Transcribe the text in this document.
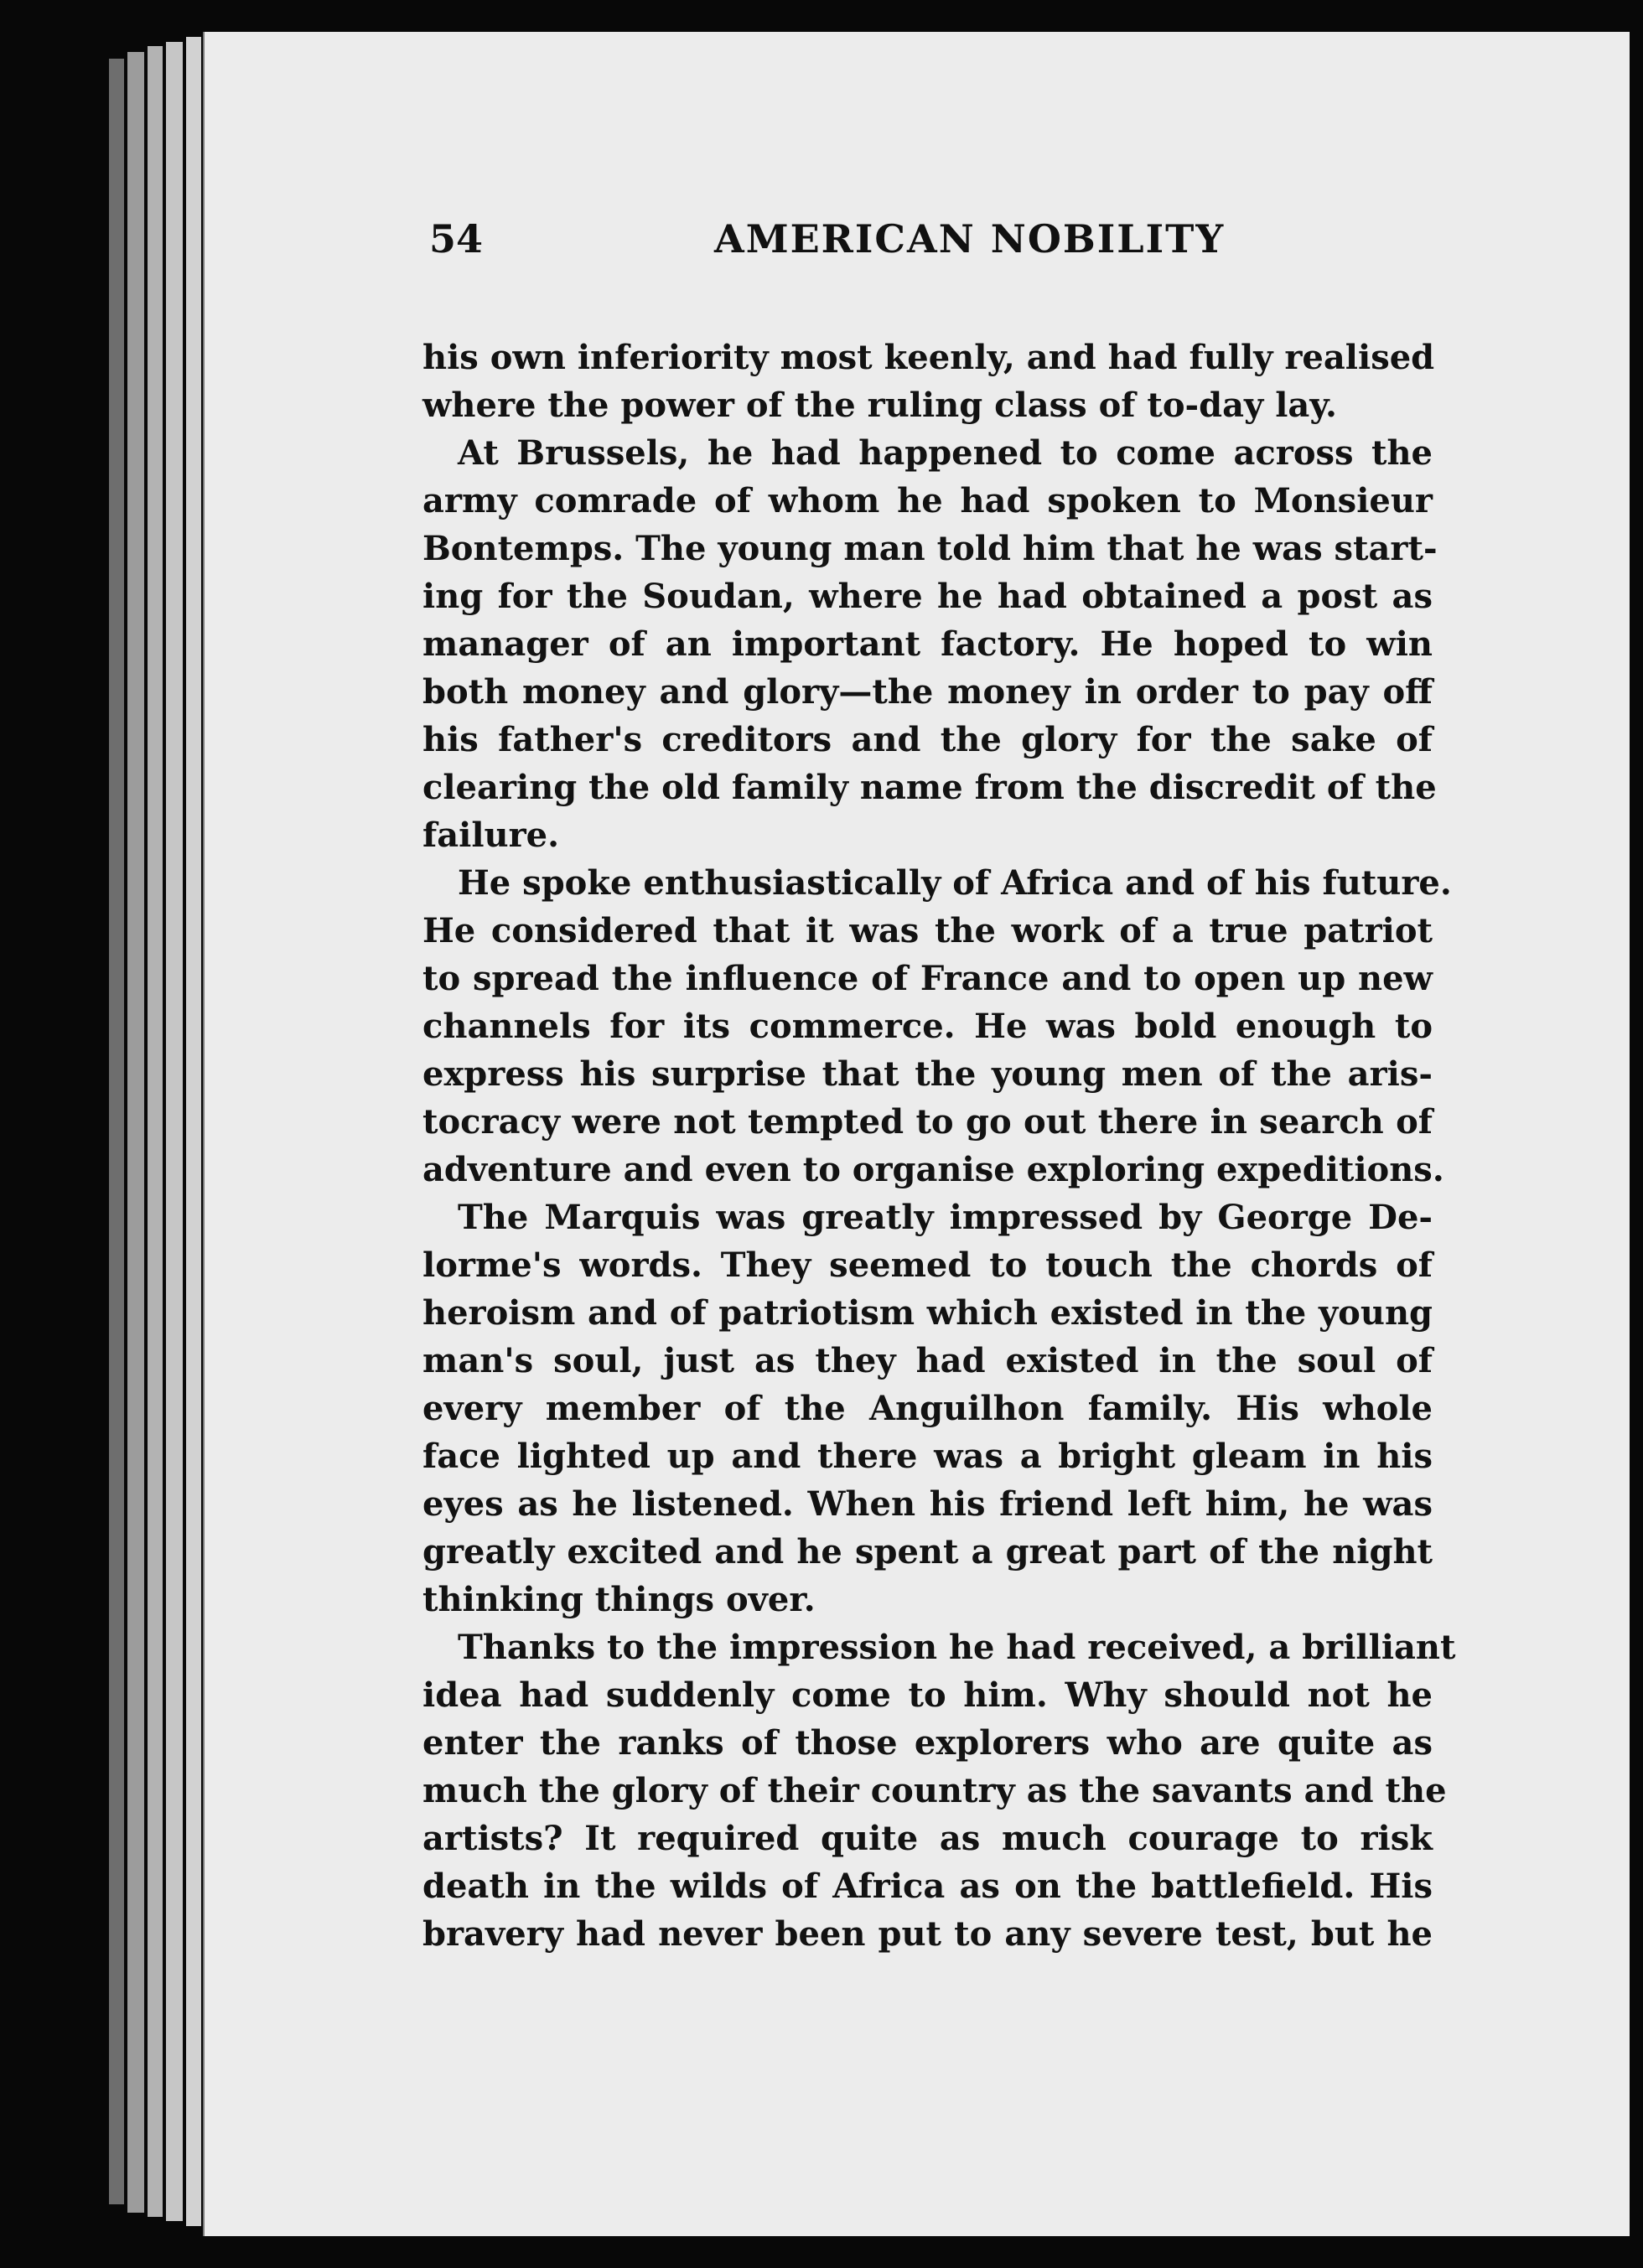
54	AMERICAN NOBILITY
his own inferiority most keenly, and had fully realised
where the power of the ruling class of to-day lay.
At Brussels, he had happened to come across the
army comrade of whom he had spoken to Monsieur
Bontemps. The young man told him that he was start-
ing for the Soudan, where he had obtained a post as
manager of an important factory. He hoped to win
both money and glory—the money in order to pay off
his father's creditors and the glory for the sake of
clearing the old family name from the discredit of the
failure.
He spoke enthusiastically of Africa and of his future.
He considered that it was the work of a true patriot
to spread the influence of France and to open up new
channels for its commerce. He was bold enough to
express his surprise that the young men of the aris-
tocracy were not tempted to go out there in search of
adventure and even to organise exploring expeditions.
The Marquis was greatly impressed by George De-
lorme's words. They seemed to touch the chords of
heroism and of patriotism which existed in the young
man's soul, just as they had existed in the soul of
every member of the Anguilhon family. His whole
face lighted up and there was a bright gleam in his
eyes as he listened. When his friend left him, he was
greatly excited and he spent a great part of the night
thinking things over.
Thanks to the impression he had received, a brilliant
idea had suddenly come to him. Why should not he
enter the ranks of those explorers who are quite as
much the glory of their country as the savants and the
artists? It required quite as much courage to risk
death in the wilds of Africa as on the battlefield. His
bravery had never been put to any severe test, but he
